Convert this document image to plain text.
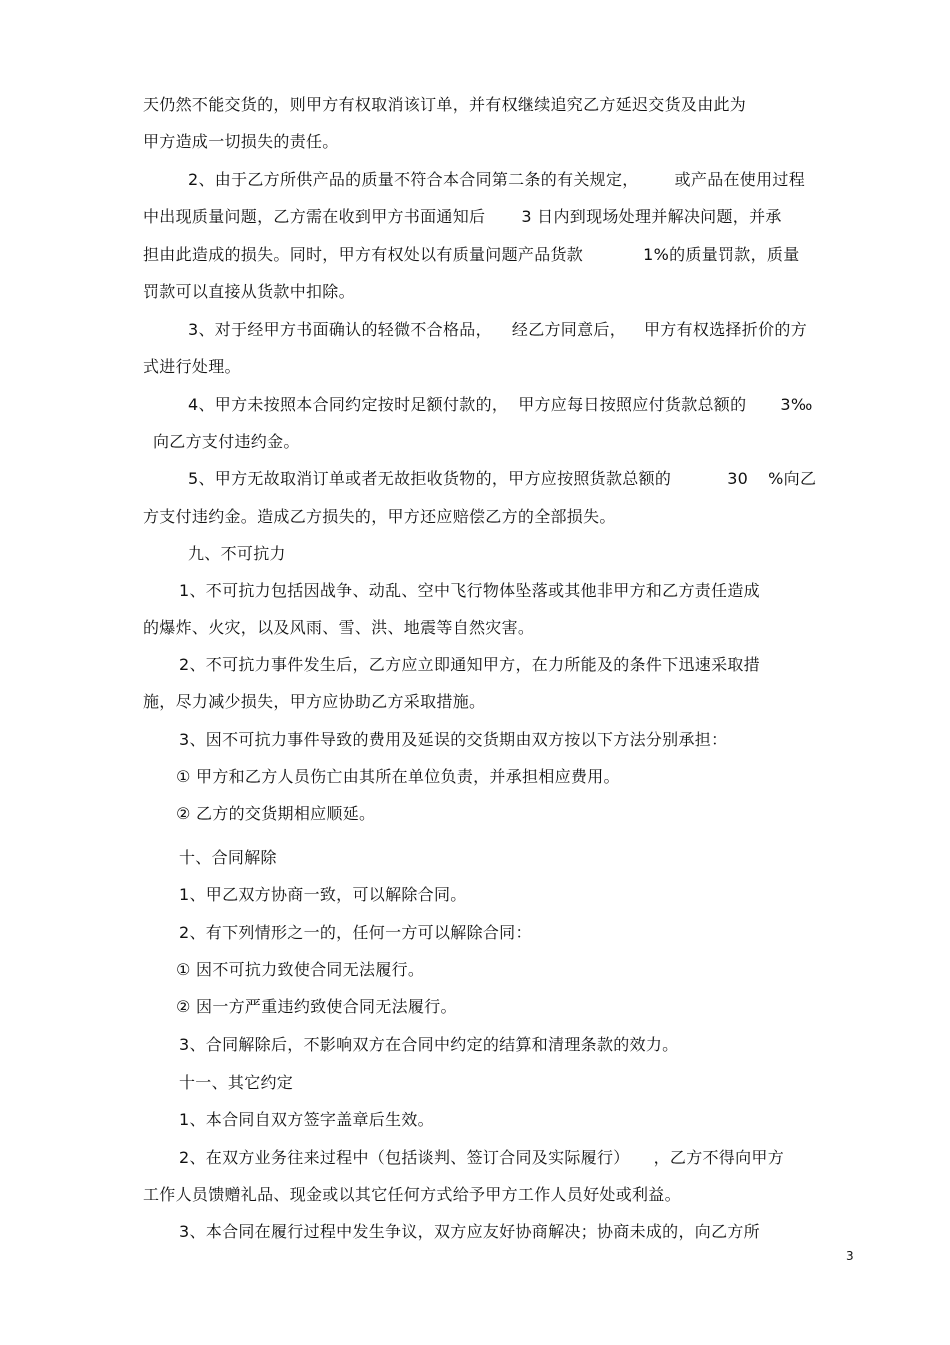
天仍然不能交货的，则甲方有权取消该订单，并有权继续追究乙方延迟交货及由此为
甲方造成一切损失的责任。
2、由于乙方所供产品的质量不符合本合同第二条的有关规定， 或产品在使用过程
中出现质量问题，乙方需在收到甲方书面通知后 3 日内到现场处理并解决问题，并承
担由此造成的损失。同时，甲方有权处以有质量问题产品货款	1%的质量罚款，质量
罚款可以直接从货款中扣除。
3、对于经甲方书面确认的轻微不合格品， 经乙方同意后， 甲方有权选择折价的方
式进行处理。
4、甲方未按照本合同约定按时足额付款的， 甲方应每日按照应付货款总额的 3‰
向乙方支付违约金。
5、甲方无故取消订单或者无故拒收货物的，甲方应按照货款总额的	30 %向乙
方支付违约金。造成乙方损失的，甲方还应赔偿乙方的全部损失。
九、不可抗力
1、不可抗力包括因战争、动乱、空中飞行物体坠落或其他非甲方和乙方责任造成
的爆炸、火灾，以及风雨、雪、洪、地震等自然灾害。
2、不可抗力事件发生后，乙方应立即通知甲方，在力所能及的条件下迅速采取措
施，尽力减少损失，甲方应协助乙方采取措施。
3、因不可抗力事件导致的费用及延误的交货期由双方按以下方法分别承担：
① 甲方和乙方人员伤亡由其所在单位负责，并承担相应费用。
② 乙方的交货期相应顺延。
十、合同解除
1、甲乙双方协商一致，可以解除合同。
2、有下列情形之一的，任何一方可以解除合同：
① 因不可抗力致使合同无法履行。
② 因一方严重违约致使合同无法履行。
3、合同解除后，不影响双方在合同中约定的结算和清理条款的效力。
十一、其它约定
1、本合同自双方签字盖章后生效。
2、在双方业务往来过程中（包括谈判、签订合同及实际履行） ，乙方不得向甲方
工作人员馈赠礼品、现金或以其它任何方式给予甲方工作人员好处或利益。
3、本合同在履行过程中发生争议，双方应友好协商解决；协商未成的，向乙方所
3
